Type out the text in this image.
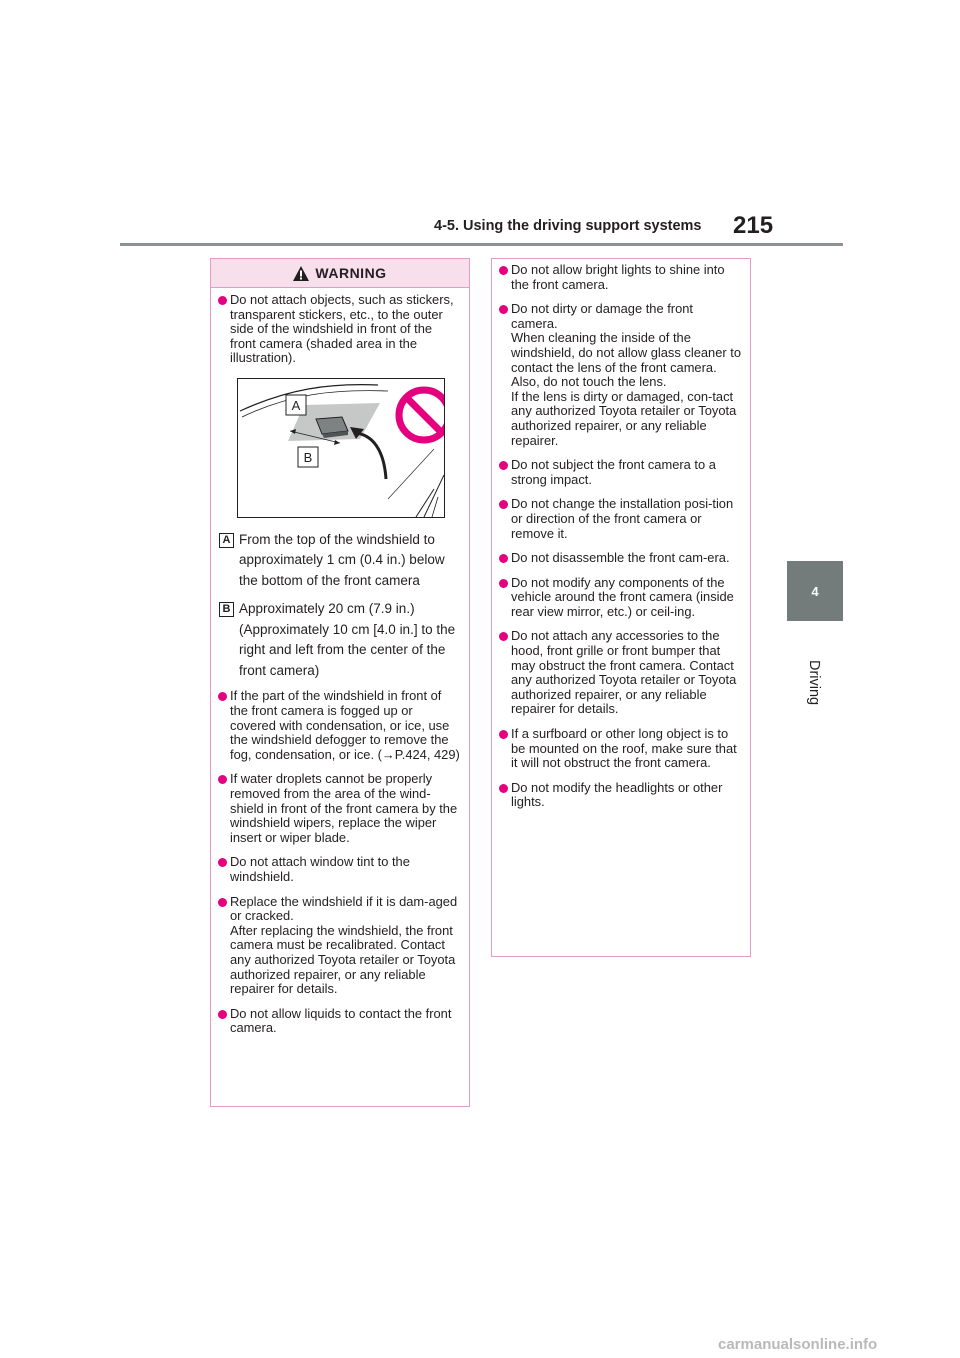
4-5. Using the driving support systems 215
4
Driving
WARNING

Do not attach objects, such as stickers, transparent stickers, etc., to the outer side of the windshield in front of the front camera (shaded area in the illustration).

A
B
A From the top of the windshield to approximately 1 cm (0.4 in.) below the bottom of the front camera
B Approximately 20 cm (7.9 in.) (Approximately 10 cm [4.0 in.] to the right and left from the center of the front camera)

If the part of the windshield in front of the front camera is fogged up or covered with condensation, or ice, use the windshield defogger to remove the fog, condensation, or ice. (→P.424, 429)

If water droplets cannot be properly removed from the area of the wind-shield in front of the front camera by the windshield wipers, replace the wiper insert or wiper blade.

Do not attach window tint to the windshield.

Replace the windshield if it is dam-aged or cracked.
After replacing the windshield, the front camera must be recalibrated. Contact any authorized Toyota retailer or Toyota authorized repairer, or any reliable repairer for details.

Do not allow liquids to contact the front camera.

Do not allow bright lights to shine into the front camera.

Do not dirty or damage the front camera.
When cleaning the inside of the windshield, do not allow glass cleaner to contact the lens of the front camera. Also, do not touch the lens.
If the lens is dirty or damaged, con-tact any authorized Toyota retailer or Toyota authorized repairer, or any reliable repairer.

Do not subject the front camera to a strong impact.

Do not change the installation posi-tion or direction of the front camera or remove it.

Do not disassemble the front cam-era.

Do not modify any components of the vehicle around the front camera (inside rear view mirror, etc.) or ceil-ing.

Do not attach any accessories to the hood, front grille or front bumper that may obstruct the front camera. Contact any authorized Toyota retailer or Toyota authorized repairer, or any reliable repairer for details.

If a surfboard or other long object is to be mounted on the roof, make sure that it will not obstruct the front camera.

Do not modify the headlights or other lights.

carmanualsonline.info
